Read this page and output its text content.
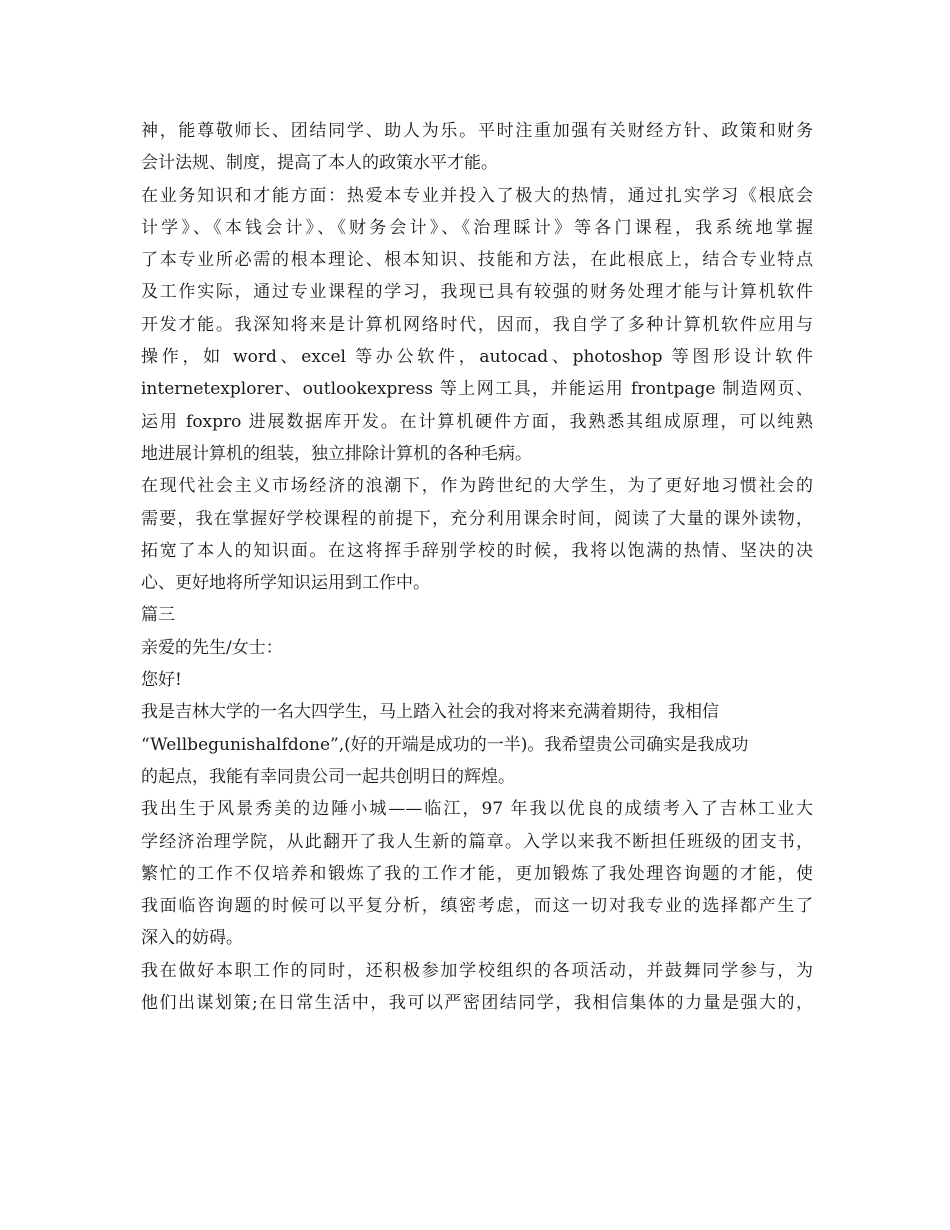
神，能尊敬师长、团结同学、助人为乐。平时注重加强有关财经方针、政策和财务
会计法规、制度，提高了本人的政策水平才能。
在业务知识和才能方面：热爱本专业并投入了极大的热情，通过扎实学习《根底会
计学》、《本钱会计》、《财务会计》、《治理睬计》等各门课程，我系统地掌握
了本专业所必需的根本理论、根本知识、技能和方法，在此根底上，结合专业特点
及工作实际，通过专业课程的学习，我现已具有较强的财务处理才能与计算机软件
开发才能。我深知将来是计算机网络时代，因而，我自学了多种计算机软件应用与
操作，如 word、excel 等办公软件，autocad、photoshop 等图形设计软件
internetexplorer、outlookexpress 等上网工具，并能运用 frontpage 制造网页、
运用 foxpro 进展数据库开发。在计算机硬件方面，我熟悉其组成原理，可以纯熟
地进展计算机的组装，独立排除计算机的各种毛病。
在现代社会主义市场经济的浪潮下，作为跨世纪的大学生，为了更好地习惯社会的
需要，我在掌握好学校课程的前提下，充分利用课余时间，阅读了大量的课外读物，
拓宽了本人的知识面。在这将挥手辞别学校的时候，我将以饱满的热情、坚决的决
心、更好地将所学知识运用到工作中。
篇三
亲爱的先生/女士：
您好!
我是吉林大学的一名大四学生，马上踏入社会的我对将来充满着期待，我相信
“Wellbegunishalfdone”,(好的开端是成功的一半)。我希望贵公司确实是我成功
的起点，我能有幸同贵公司一起共创明日的辉煌。
我出生于风景秀美的边陲小城——临江，97 年我以优良的成绩考入了吉林工业大
学经济治理学院，从此翻开了我人生新的篇章。入学以来我不断担任班级的团支书，
繁忙的工作不仅培养和锻炼了我的工作才能，更加锻炼了我处理咨询题的才能，使
我面临咨询题的时候可以平复分析，缜密考虑，而这一切对我专业的选择都产生了
深入的妨碍。
我在做好本职工作的同时，还积极参加学校组织的各项活动，并鼓舞同学参与，为
他们出谋划策;在日常生活中，我可以严密团结同学，我相信集体的力量是强大的，
